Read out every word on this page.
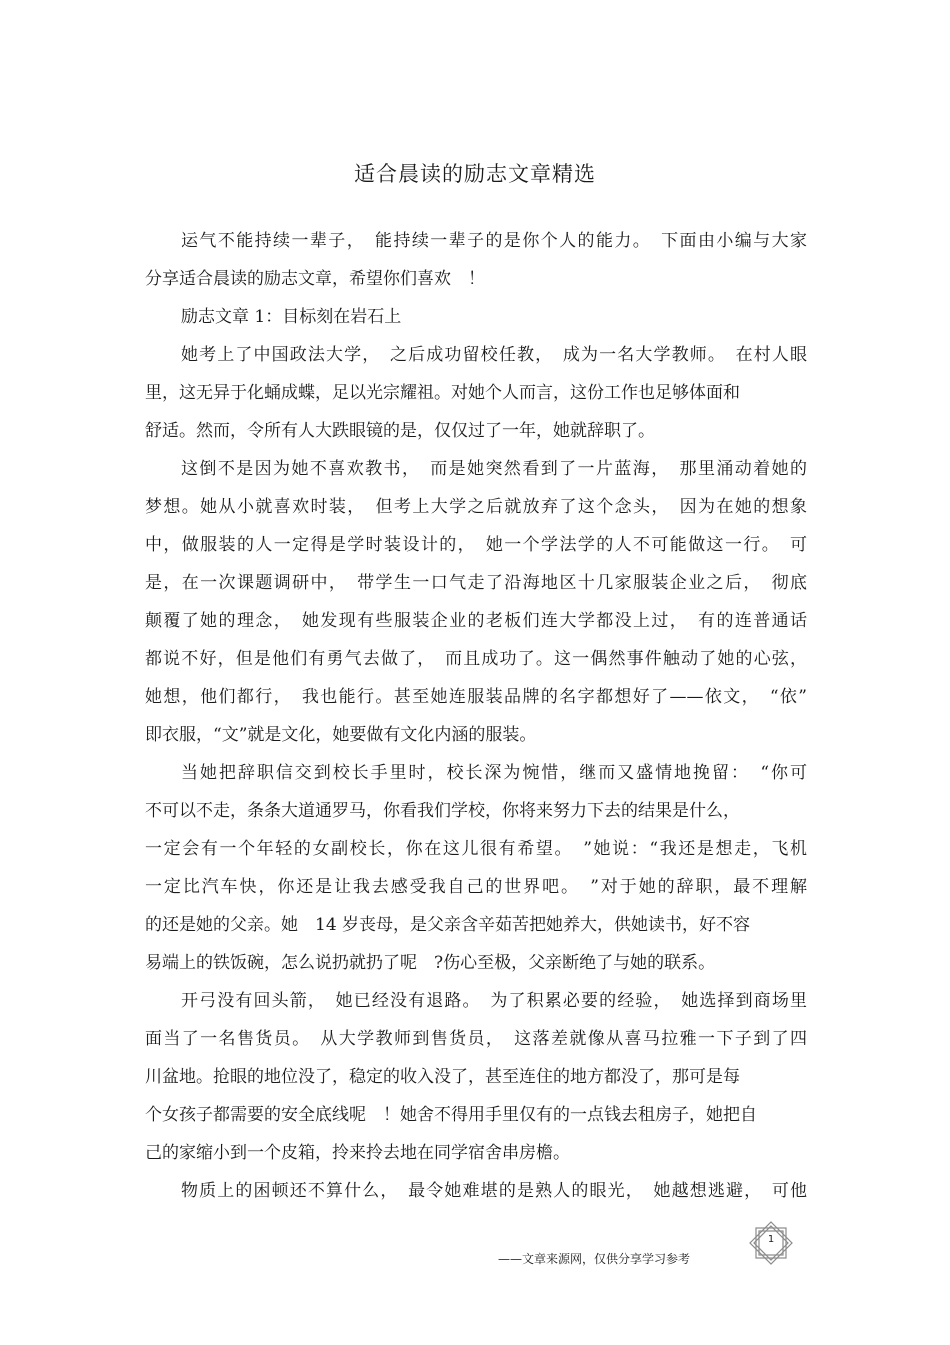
适合晨读的励志文章精选
运气不能持续一辈子，　能持续一辈子的是你个人的能力。　下面由小编与大家
分享适合晨读的励志文章，希望你们喜欢　！
励志文章 1：目标刻在岩石上
她考上了中国政法大学，　之后成功留校任教，　成为一名大学教师。　在村人眼
里，这无异于化蛹成蝶，足以光宗耀祖。对她个人而言，这份工作也足够体面和
舒适。然而，令所有人大跌眼镜的是，仅仅过了一年，她就辞职了。
这倒不是因为她不喜欢教书，　而是她突然看到了一片蓝海，　那里涌动着她的
梦想。她从小就喜欢时装，　但考上大学之后就放弃了这个念头，　因为在她的想象
中，做服装的人一定得是学时装设计的，　她一个学法学的人不可能做这一行。　可
是，在一次课题调研中，　带学生一口气走了沿海地区十几家服装企业之后，　彻底
颠覆了她的理念，　她发现有些服装企业的老板们连大学都没上过，　有的连普通话
都说不好，但是他们有勇气去做了，　而且成功了。这一偶然事件触动了她的心弦，
她想，他们都行，　我也能行。甚至她连服装品牌的名字都想好了——依文，　“依”
即衣服，“文”就是文化，她要做有文化内涵的服装。
当她把辞职信交到校长手里时，校长深为惋惜，继而又盛情地挽留：　“你可
不可以不走，条条大道通罗马，你看我们学校，你将来努力下去的结果是什么，
一定会有一个年轻的女副校长，你在这儿很有希望。　”她说：“我还是想走，飞机
一定比汽车快，你还是让我去感受我自己的世界吧。　”对于她的辞职，最不理解
的还是她的父亲。她　14 岁丧母，是父亲含辛茹苦把她养大，供她读书，好不容
易端上的铁饭碗，怎么说扔就扔了呢　?伤心至极，父亲断绝了与她的联系。
开弓没有回头箭，　她已经没有退路。　为了积累必要的经验，　她选择到商场里
面当了一名售货员。　从大学教师到售货员，　这落差就像从喜马拉雅一下子到了四
川盆地。抢眼的地位没了，稳定的收入没了，甚至连住的地方都没了，那可是每
个女孩子都需要的安全底线呢　！她舍不得用手里仅有的一点钱去租房子，她把自
己的家缩小到一个皮箱，拎来拎去地在同学宿舍串房檐。
物质上的困顿还不算什么，　最令她难堪的是熟人的眼光，　她越想逃避，　可他

——文章来源网，仅供分享学习参考

1
